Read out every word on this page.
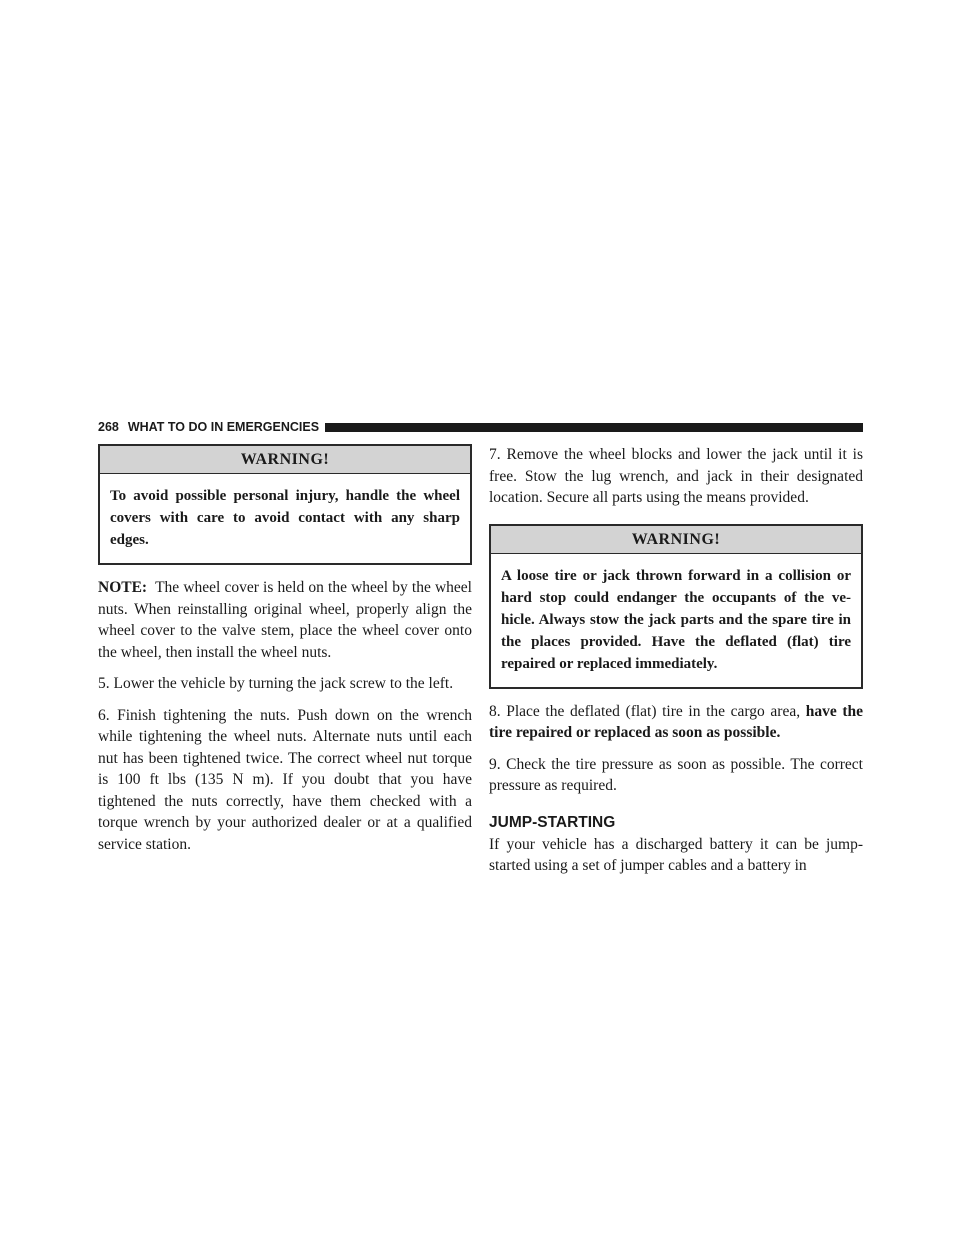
268 WHAT TO DO IN EMERGENCIES
WARNING!
To avoid possible personal injury, handle the wheel covers with care to avoid contact with any sharp edges.

NOTE: The wheel cover is held on the wheel by the wheel nuts. When reinstalling original wheel, properly align the wheel cover to the valve stem, place the wheel cover onto the wheel, then install the wheel nuts.

5. Lower the vehicle by turning the jack screw to the left.

6. Finish tightening the nuts. Push down on the wrench while tightening the wheel nuts. Alternate nuts until each nut has been tightened twice. The correct wheel nut torque is 100 ft lbs (135 N m). If you doubt that you have tightened the nuts correctly, have them checked with a torque wrench by your authorized dealer or at a qualified service station.

7. Remove the wheel blocks and lower the jack until it is free. Stow the lug wrench, and jack in their designated location. Secure all parts using the means provided.

WARNING!
A loose tire or jack thrown forward in a collision or hard stop could endanger the occupants of the ve-hicle. Always stow the jack parts and the spare tire in the places provided. Have the deflated (flat) tire repaired or replaced immediately.

8. Place the deflated (flat) tire in the cargo area, have the tire repaired or replaced as soon as possible.

9. Check the tire pressure as soon as possible. The correct pressure as required.

JUMP-STARTING

If your vehicle has a discharged battery it can be jump-started using a set of jumper cables and a battery in
